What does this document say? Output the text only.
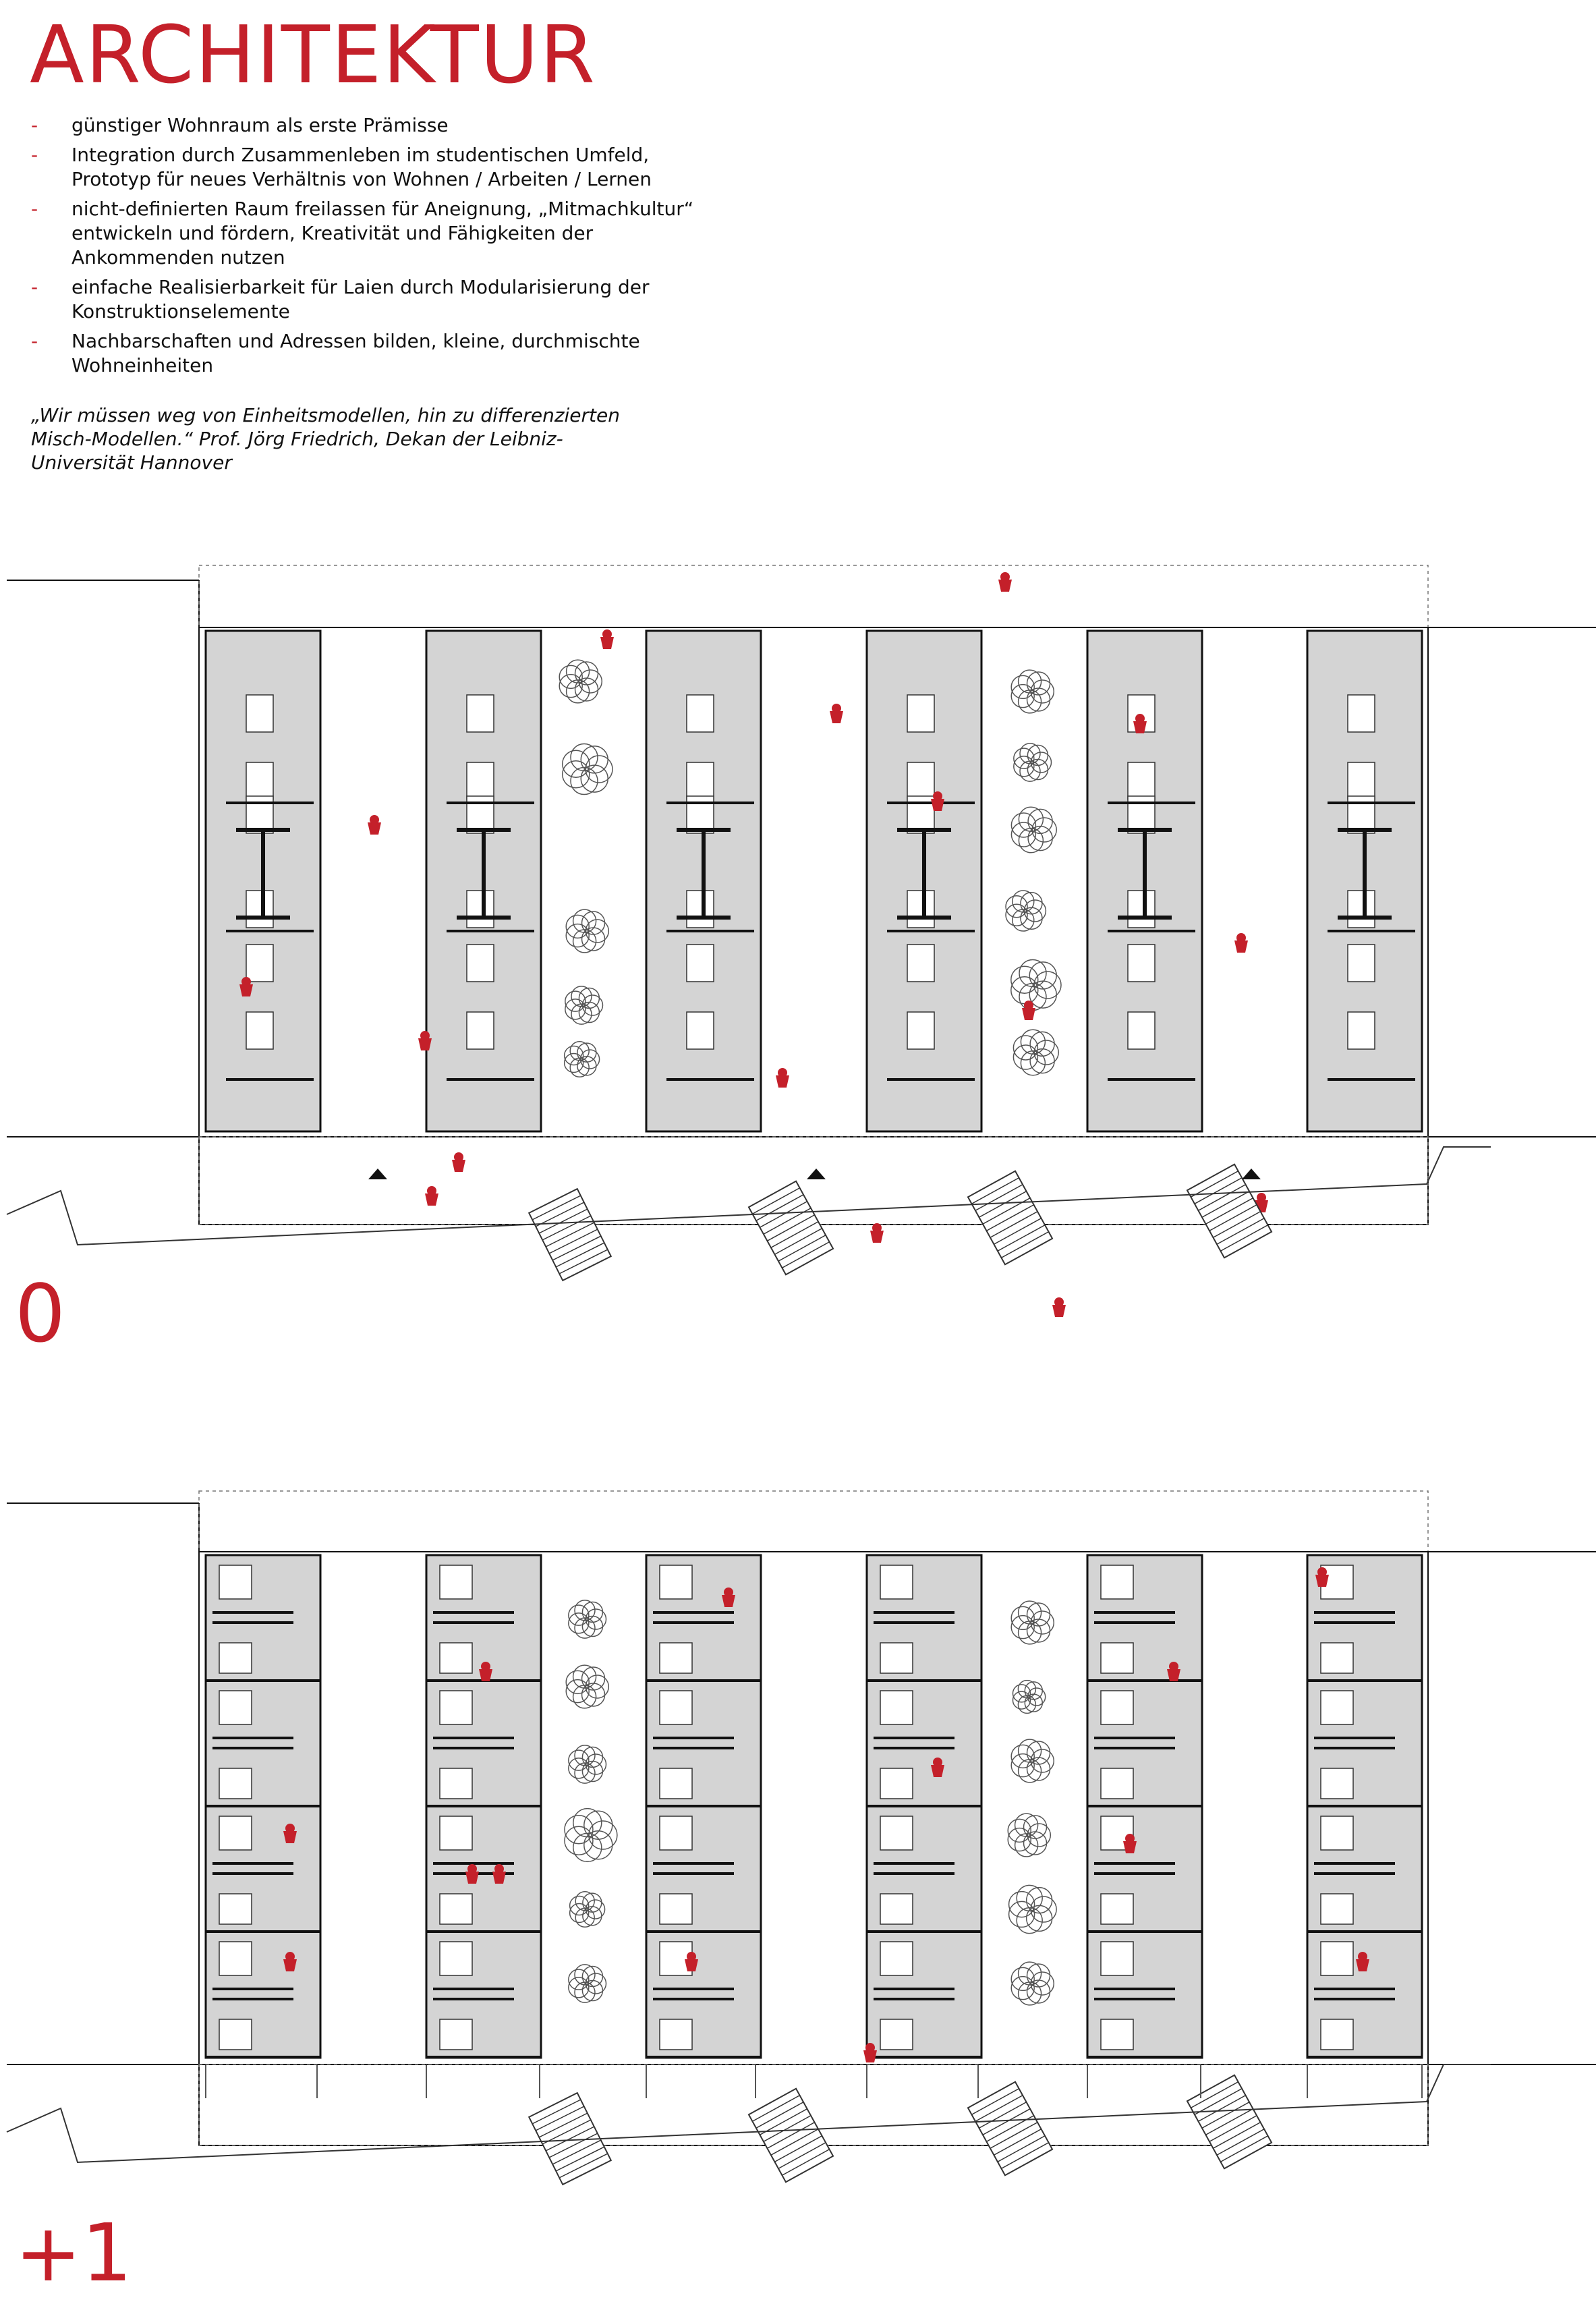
ARCHITEKTUR
- günstiger Wohnraum als erste Prämisse
- Integration durch Zusammenleben im studentischen Umfeld, Prototyp für neues Verhältnis von Wohnen / Arbeiten / Lernen
- nicht-definierten Raum freilassen für Aneignung, „Mitmachkultur“ entwickeln und fördern, Kreativität und Fähigkeiten der Ankommenden nutzen
- einfache Realisierbarkeit für Laien durch Modularisierung der Konstruktionselemente
- Nachbarschaften und Adressen bilden, kleine, durchmischte Wohneinheiten
„Wir müssen weg von Einheitsmodellen, hin zu differenzierten Misch-Modellen.“ Prof. Jörg Friedrich, Dekan der Leibniz-Universität Hannover
0
+1
